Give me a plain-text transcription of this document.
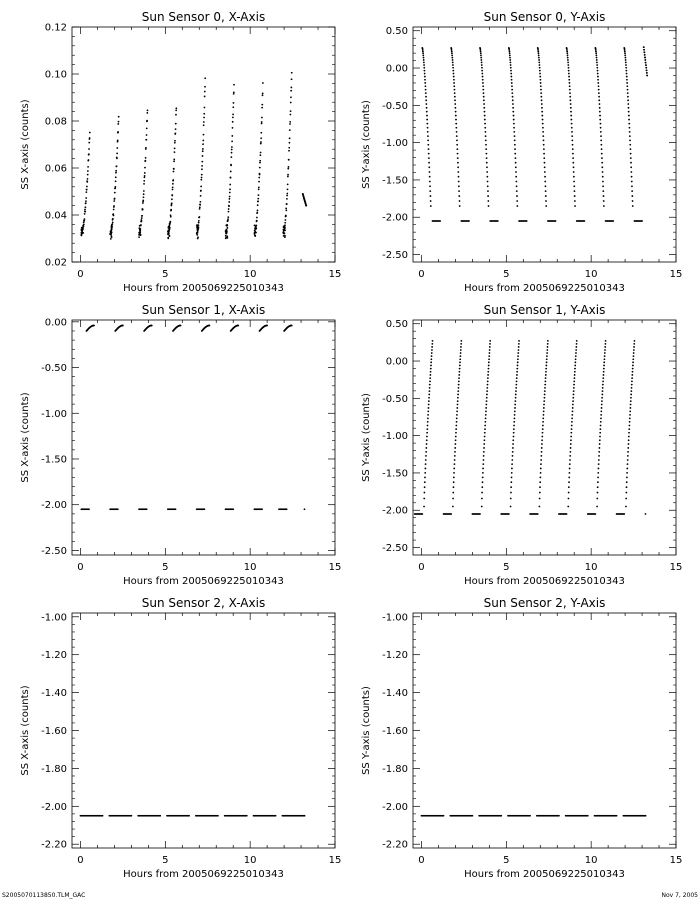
Sun Sensor 0, X-Axis
Hours from 2005069225010343
SS X-axis (counts)
0	5	10	15
0.02
0.04
0.06
0.08
0.10
0.12
Sun Sensor 0, Y-Axis
Hours from 2005069225010343
SS Y-axis (counts)
0	5	10	15
-2.50
-2.00
-1.50
-1.00
-0.50
0.00
0.50
Sun Sensor 1, X-Axis
Hours from 2005069225010343
SS X-axis (counts)
0	5	10	15
-2.50
-2.00
-1.50
-1.00
-0.50
0.00
Sun Sensor 1, Y-Axis
Hours from 2005069225010343
SS Y-axis (counts)
0	5	10	15
-2.50
-2.00
-1.50
-1.00
-0.50
0.00
0.50
Sun Sensor 2, X-Axis
Hours from 2005069225010343
SS X-axis (counts)
0	5	10	15
-2.20
-2.00
-1.80
-1.60
-1.40
-1.20
-1.00
Sun Sensor 2, Y-Axis
Hours from 2005069225010343
SS Y-axis (counts)
0	5	10	15
-2.20
-2.00
-1.80
-1.60
-1.40
-1.20
-1.00
S2005070113850.TLM_GAC	Nov 7, 2005
